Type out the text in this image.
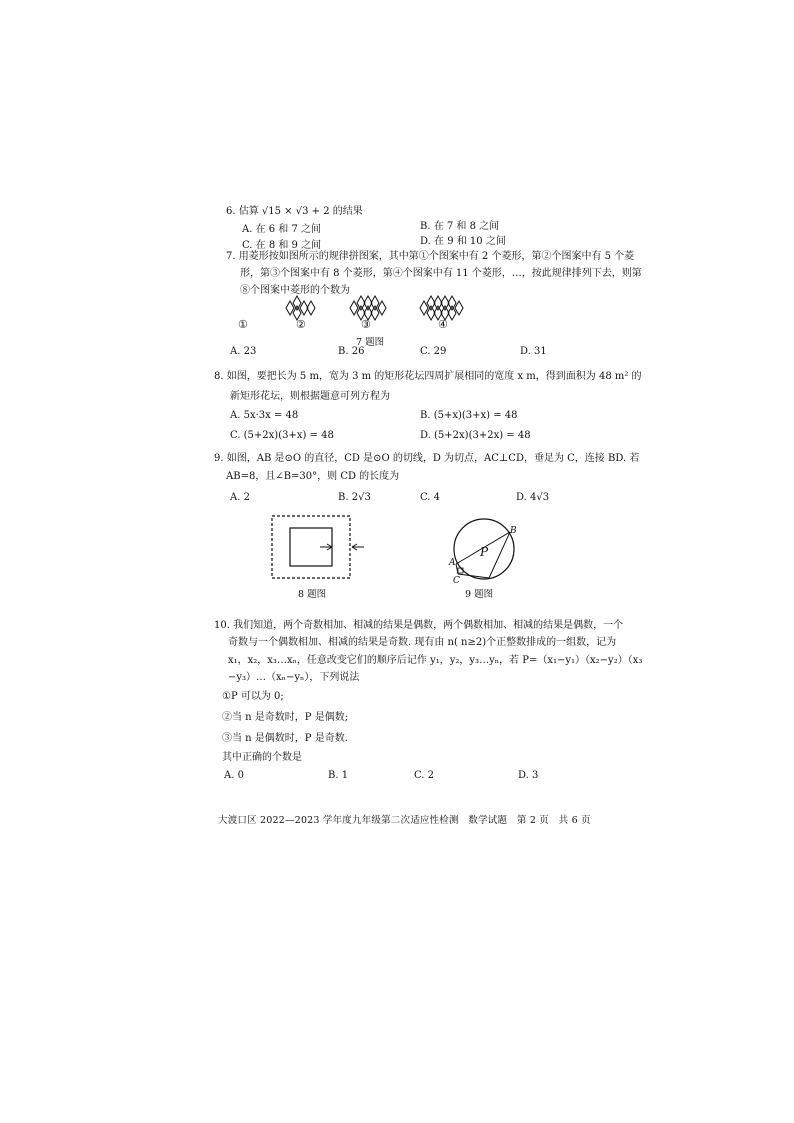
6. 估算 √15 × √3 + 2 的结果
A. 在 6 和 7 之间	B. 在 7 和 8 之间
C. 在 8 和 9 之间	D. 在 9 和 10 之间
7. 用菱形按如图所示的规律拼图案，其中第①个图案中有 2 个菱形，第②个图案中有 5 个菱
形，第③个图案中有 8 个菱形，第④个图案中有 11 个菱形，…，按此规律排列下去，则第
⑧个图案中菱形的个数为
①	②	③	④
7 题图
A. 23	B. 26	C. 29	D. 31
8. 如图，要把长为 5 m，宽为 3 m 的矩形花坛四周扩展相同的宽度 x m，得到面积为 48 m² 的
新矩形花坛，则根据题意可列方程为
A. 5x·3x = 48	B. (5+x)(3+x) = 48
C. (5+2x)(3+x) = 48	D. (5+2x)(3+2x) = 48
9. 如图，AB 是⊙O 的直径，CD 是⊙O 的切线，D 为切点，AC⊥CD，垂足为 C，连接 BD. 若
AB=8，且∠B=30°，则 CD 的长度为
A. 2	B. 2√3	C. 4	D. 4√3
8 题图
A
B
C
P
9 题图
10. 我们知道，两个奇数相加、相减的结果是偶数，两个偶数相加、相减的结果是偶数，一个
奇数与一个偶数相加、相减的结果是奇数. 现有由 n( n≥2)个正整数排成的一组数，记为
x₁，x₂，x₃…xₙ，任意改变它们的顺序后记作 y₁，y₂，y₃…yₙ，若 P=（x₁−y₁）（x₂−y₂）（x₃
−y₃）…（xₙ−yₙ），下列说法
①P 可以为 0;
②当 n 是奇数时，P 是偶数;
③当 n 是偶数时，P 是奇数.
其中正确的个数是
A. 0	B. 1	C. 2	D. 3
大渡口区 2022—2023 学年度九年级第二次适应性检测　数学试题　第 2 页　共 6 页
